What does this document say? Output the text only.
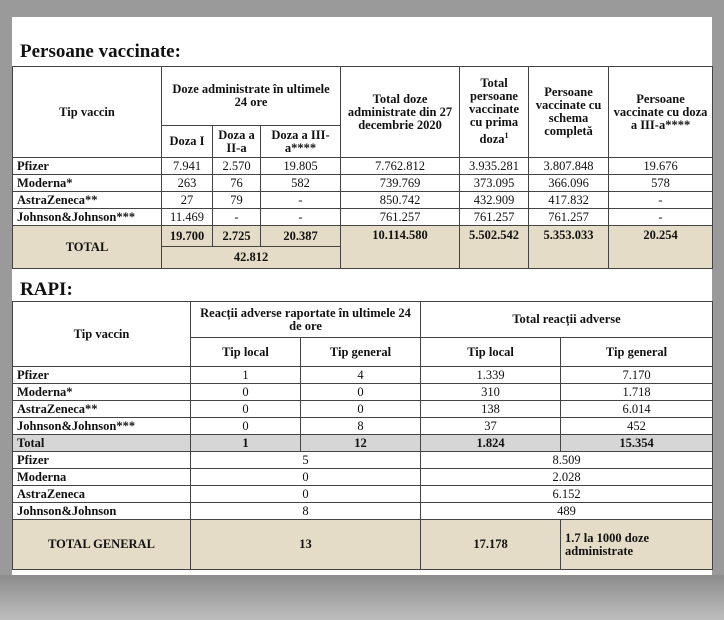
Persoane vaccinate:
Tip vaccin	Doze administrate în ultimele 24 ore			Total doze administrate din 27 decembrie 2020	Total persoane vaccinate cu prima doza$^1$	Persoane vaccinate cu schema completă	Persoane vaccinate cu doza a III-a****
	Doza I	Doza a II-a	Doza a III-a****				
Pfizer	7.941	2.570	19.805	7.762.812	3.935.281	3.807.848	19.676
Moderna*	263	76	582	739.769	373.095	366.096	578
AstraZeneca**	27	79	-	850.742	432.909	417.832	-
Johnson&Johnson***	11.469	-	-	761.257	761.257	761.257	-
TOTAL	19.700	2.725	20.387	10.114.580	5.502.542	5.353.033	20.254
	42.812						
RAPI:
Tip vaccin	Reacții adverse raportate în ultimele 24 de ore		Total reacții adverse	
	Tip local	Tip general	Tip local	Tip general
Pfizer	1	4	1.339	7.170
Moderna*	0	0	310	1.718
AstraZeneca**	0	0	138	6.014
Johnson&Johnson***	0	8	37	452
Total	1	12	1.824	15.354
Pfizer	5		8.509	
Moderna	0		2.028	
AstraZeneca	0		6.152	
Johnson&Johnson	8		489	
TOTAL GENERAL	13		17.178	1.7 la 1000 doze administrate
